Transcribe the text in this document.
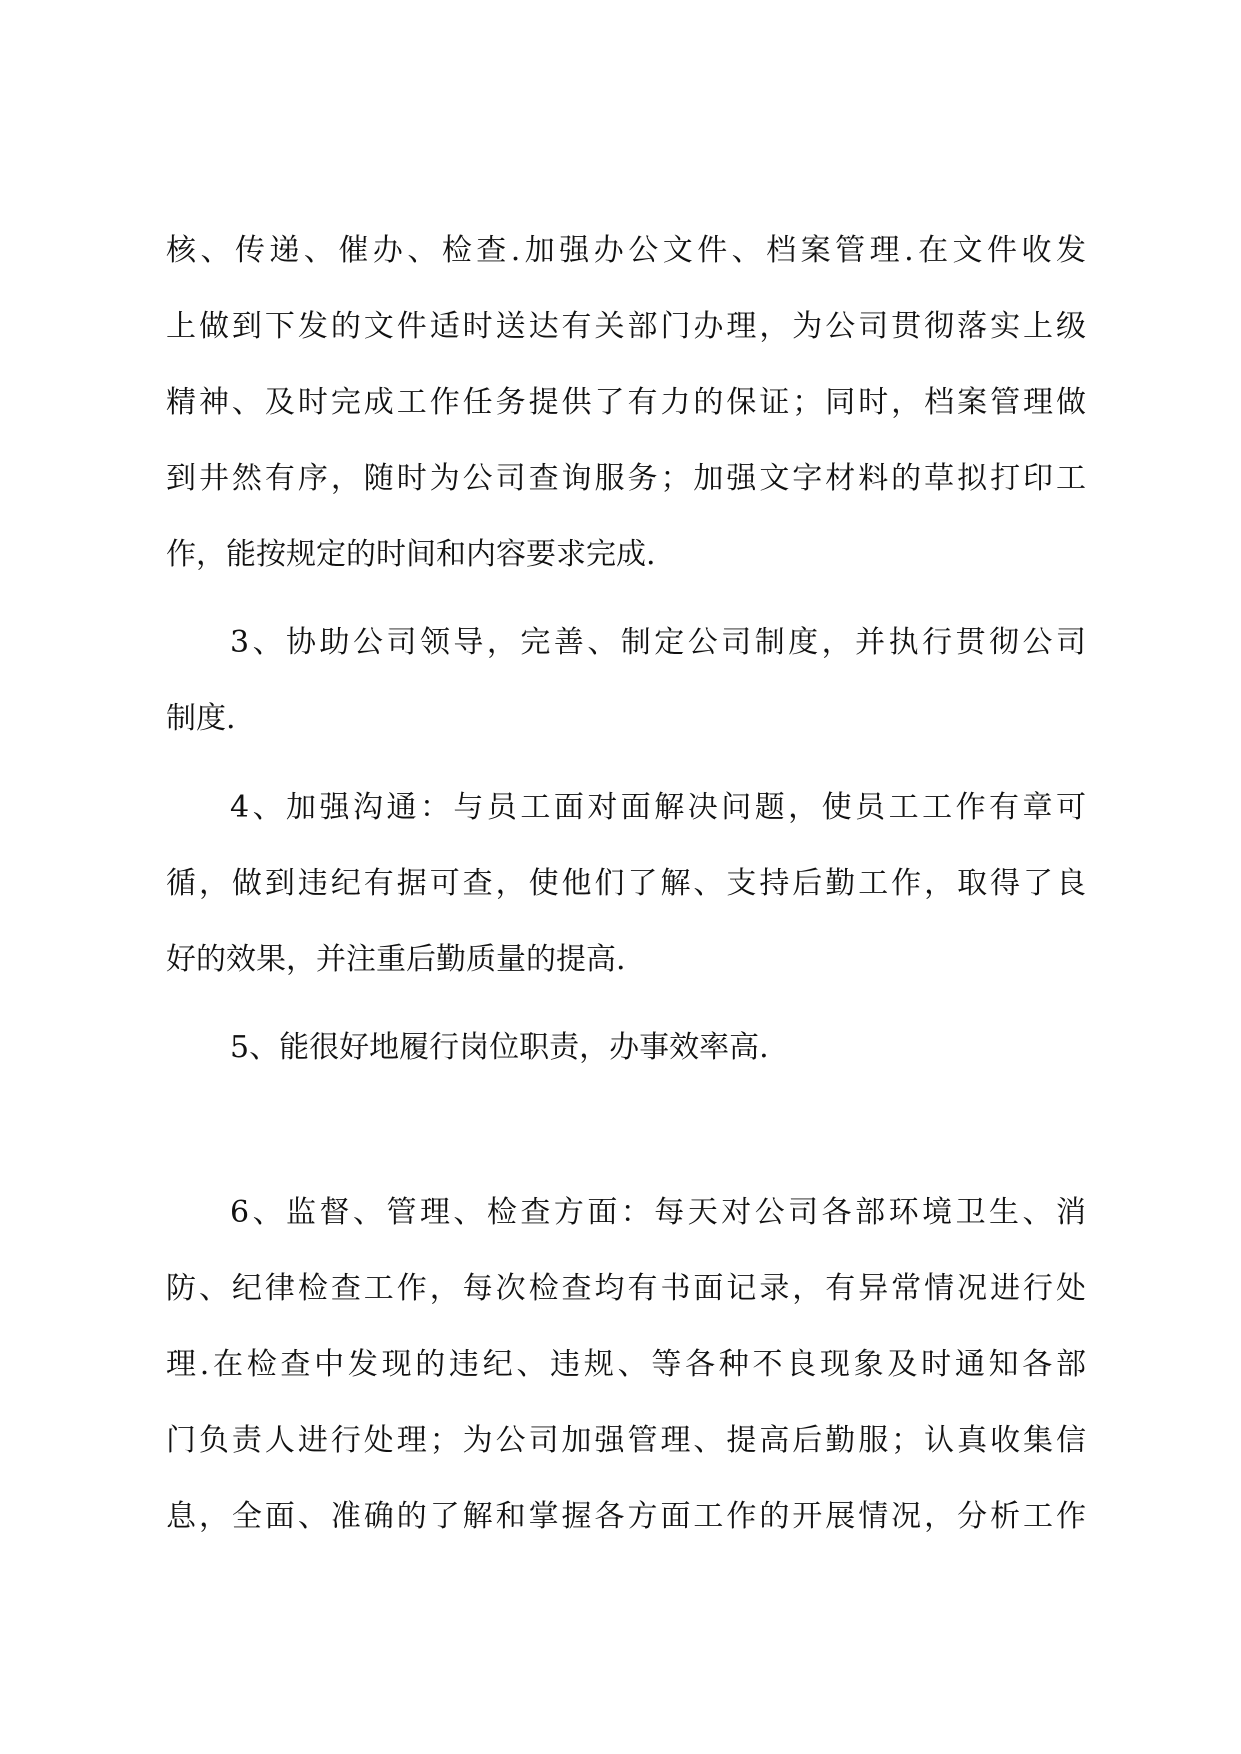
核、传递、催办、检查.加强办公文件、档案管理.在文件收发
上做到下发的文件适时送达有关部门办理，为公司贯彻落实上级
精神、及时完成工作任务提供了有力的保证；同时，档案管理做
到井然有序，随时为公司查询服务；加强文字材料的草拟打印工
作，能按规定的时间和内容要求完成.
3、协助公司领导，完善、制定公司制度，并执行贯彻公司
制度.
4、加强沟通：与员工面对面解决问题，使员工工作有章可
循，做到违纪有据可查，使他们了解、支持后勤工作，取得了良
好的效果，并注重后勤质量的提高.
5、能很好地履行岗位职责，办事效率高.
6、监督、管理、检查方面：每天对公司各部环境卫生、消
防、纪律检查工作，每次检查均有书面记录，有异常情况进行处
理.在检查中发现的违纪、违规、等各种不良现象及时通知各部
门负责人进行处理；为公司加强管理、提高后勤服；认真收集信
息，全面、准确的了解和掌握各方面工作的开展情况，分析工作
